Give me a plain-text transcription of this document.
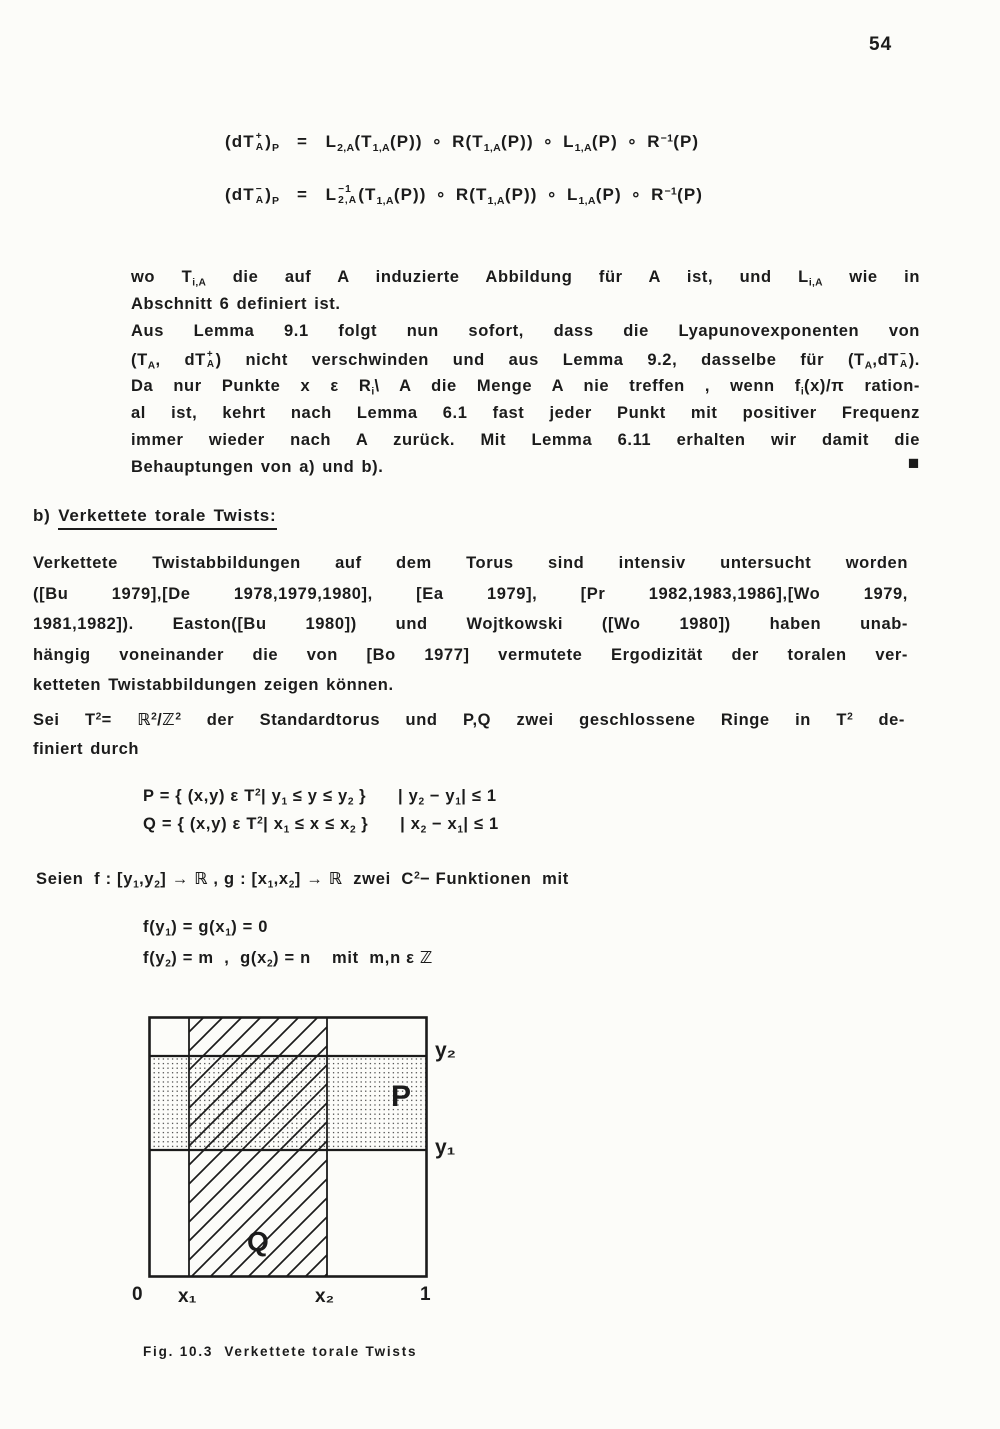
54
(dT +
A )$_P = L_{2,A}(T_{1,A}(P))$ ∘ $R(T_{1,A}(P))$ ∘ $L_{1,A}(P)$ ∘ $R^{-1}(P)$
(dT −
A )$_P = L -1$
2,A $(T_{1,A}(P))$ ∘ $R(T_{1,A}(P))$ ∘ $L_{1,A}(P)$ ∘ $R^{-1}(P)$
wo $T_{i,A}$ die auf A induzierte Abbildung für A ist, und $L_{i,A}$ wie in
Abschnitt 6 definiert ist.
Aus Lemma 9.1 folgt nun sofort, dass die Lyapunovexponenten von
($T_A$, dT +
A ) nicht verschwinden und aus Lemma 9.2, dasselbe für ($T_A,dT$ −
A ).
Da nur Punkte x ε $R_i\backslash$ A die Menge A nie treffen , wenn $f_i(x)/\pi$ ration-
al ist, kehrt nach Lemma 6.1 fast jeder Punkt mit positiver Frequenz
immer wieder nach A zurück. Mit Lemma 6.11 erhalten wir damit die
Behauptungen von a) und b).	■
b) Verkettete torale Twists:
Verkettete Twistabbildungen auf dem Torus sind intensiv untersucht worden
([Bu 1979],[De 1978,1979,1980], [Ea 1979], [Pr 1982,1983,1986],[Wo 1979,
1981,1982]). Easton([Bu 1980]) und Wojtkowski ([Wo 1980]) haben unab-
hängig voneinander die von [Bo 1977] vermutete Ergodizität der toralen ver-
ketteten Twistabbildungen zeigen können.
Sei $T^2=$ ℝ$^2$/ℤ$^2$ der Standardtorus und P,Q zwei geschlossene Ringe in $T^2$ de-
finiert durch
P = { (x,y) ε $T^2|$ $y_1 \le y \le y_2$ }      | $y_2 - y_1| \le 1$
Q = { (x,y) ε $T^2|$ $x_1 \le x \le x_2$ }      | $x_2 - x_1| \le 1$
Seien  f : $[y_1,y_2]$ → ℝ , g : $[x_1,x_2]$ → ℝ  zwei  $C^2-$ Funktionen  mit
$f(y_1) = g(x_1) = 0$
$f(y_2) = m$  ,  $g(x_2) = n$    mit  m,n ε ℤ
y₂
y₁
P
Q
0 x₁	x₂	1
Fig. 10.3  Verkettete torale Twists
